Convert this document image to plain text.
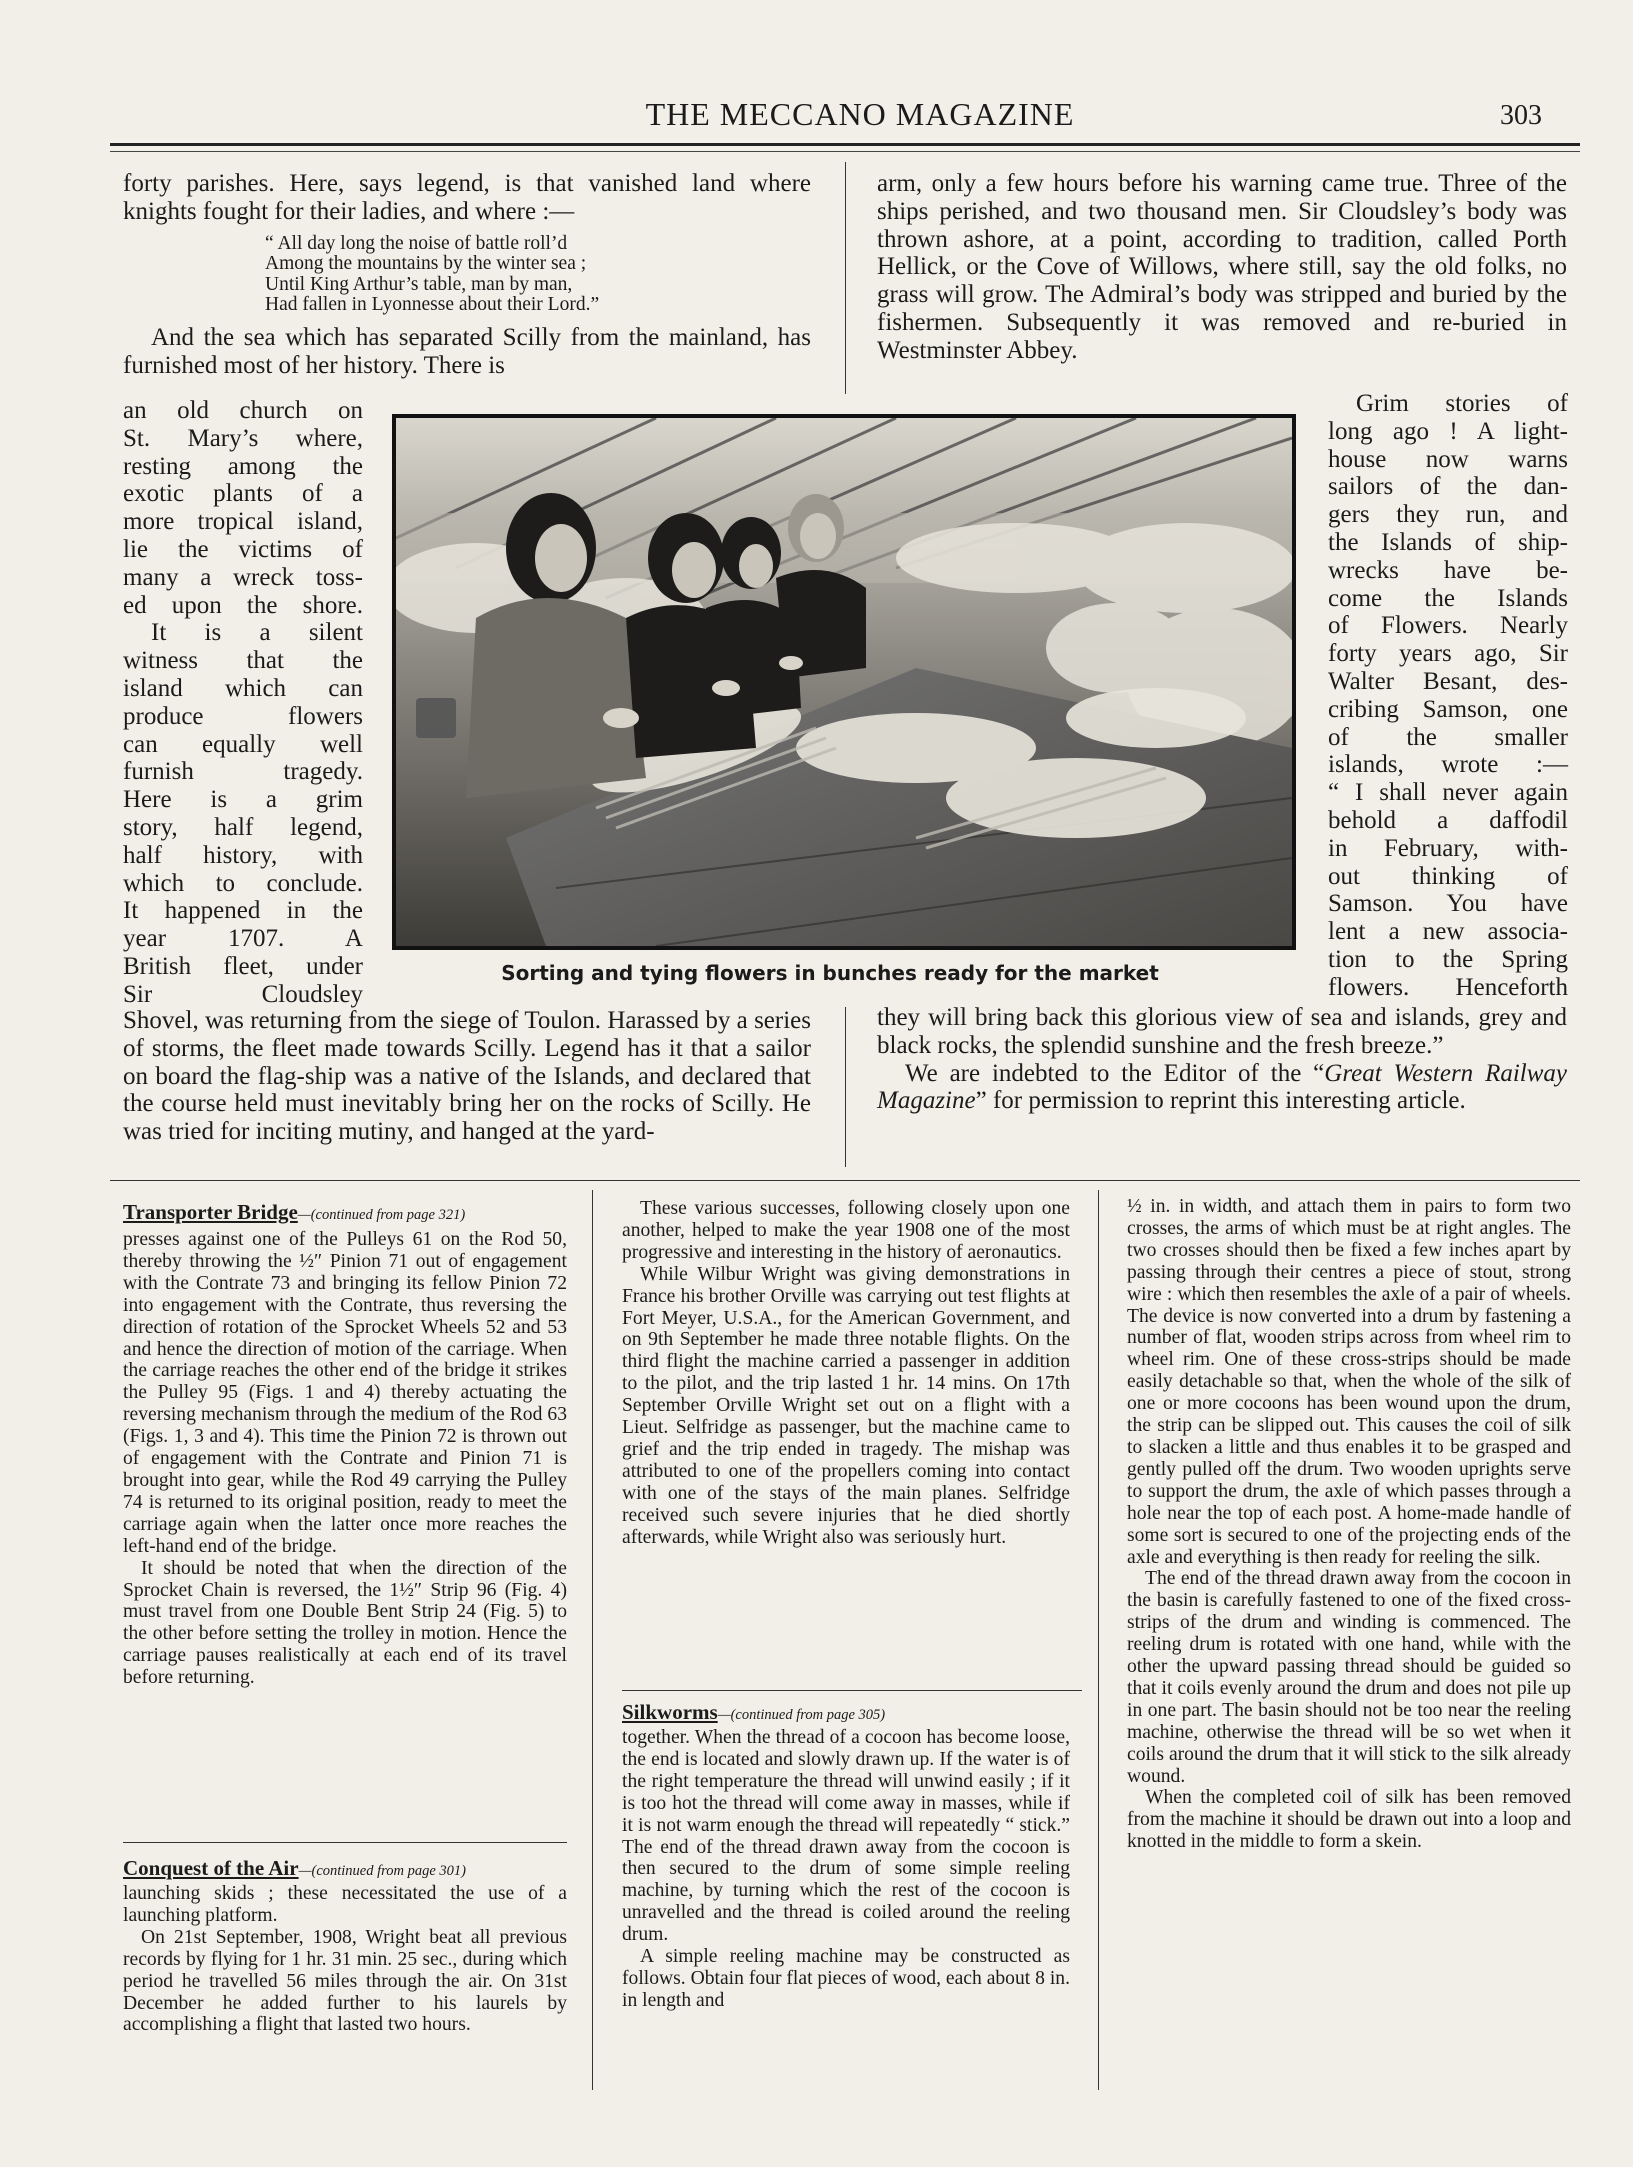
THE MECCANO MAGAZINE	303

forty parishes. Here, says legend, is that vanished land where knights fought for their ladies, and where :—

“ All day long the noise of battle roll’d
Among the mountains by the winter sea ;
Until King Arthur’s table, man by man,
Had fallen in Lyonnesse about their Lord.”

And the sea which has separated Scilly from the mainland, has furnished most of her history. There is

arm, only a few hours before his warning came true. Three of the ships perished, and two thousand men. Sir Cloudsley’s body was thrown ashore, at a point, according to tradition, called Porth Hellick, or the Cove of Willows, where still, say the old folks, no grass will grow. The Admiral’s body was stripped and buried by the fishermen. Subsequently it was removed and re-buried in Westminster Abbey.

an old church on
St. Mary’s where,
resting among the
exotic plants of a
more tropical island,
lie the victims of
many a wreck toss-
ed upon the shore.
It is a silent
witness that the
island which can
produce flowers
can equally well
furnish tragedy.
Here is a grim
story, half legend,
half history, with
which to conclude.
It happened in the
year 1707. A
British fleet, under
Sir Cloudsley
Grim stories of
long ago ! A light-
house now warns
sailors of the dan-
gers they run, and
the Islands of ship-
wrecks have be-
come the Islands
of Flowers. Nearly
forty years ago, Sir
Walter Besant, des-
cribing Samson, one
of the smaller
islands, wrote :—
“ I shall never again
behold a daffodil
in February, with-
out thinking of
Samson. You have
lent a new associa-
tion to the Spring
flowers. Henceforth
Sorting and tying flowers in bunches ready for the market

Shovel, was returning from the siege of Toulon. Harassed by a series of storms, the fleet made towards Scilly. Legend has it that a sailor on board the flag-ship was a native of the Islands, and declared that the course held must inevitably bring her on the rocks of Scilly. He was tried for inciting mutiny, and hanged at the yard-

they will bring back this glorious view of sea and islands, grey and black rocks, the splendid sunshine and the fresh breeze.”

We are indebted to the Editor of the “Great Western Railway Magazine” for permission to reprint this interesting article.

Transporter Bridge—(continued from page 321)

presses against one of the Pulleys 61 on the Rod 50, thereby throwing the ½″ Pinion 71 out of engagement with the Contrate 73 and bringing its fellow Pinion 72 into engagement with the Contrate, thus reversing the direction of rotation of the Sprocket Wheels 52 and 53 and hence the direction of motion of the carriage. When the carriage reaches the other end of the bridge it strikes the Pulley 95 (Figs. 1 and 4) thereby actuating the reversing mechanism through the medium of the Rod 63 (Figs. 1, 3 and 4). This time the Pinion 72 is thrown out of engagement with the Contrate and Pinion 71 is brought into gear, while the Rod 49 carrying the Pulley 74 is returned to its original position, ready to meet the carriage again when the latter once more reaches the left-hand end of the bridge.

It should be noted that when the direction of the Sprocket Chain is reversed, the 1½″ Strip 96 (Fig. 4) must travel from one Double Bent Strip 24 (Fig. 5) to the other before setting the trolley in motion. Hence the carriage pauses realistically at each end of its travel before returning.

Conquest of the Air—(continued from page 301)

launching skids ; these necessitated the use of a launching platform.

On 21st September, 1908, Wright beat all previous records by flying for 1 hr. 31 min. 25 sec., during which period he travelled 56 miles through the air. On 31st December he added further to his laurels by accomplishing a flight that lasted two hours.

These various successes, following closely upon one another, helped to make the year 1908 one of the most progressive and interesting in the history of aeronautics.

While Wilbur Wright was giving demonstrations in France his brother Orville was carrying out test flights at Fort Meyer, U.S.A., for the American Government, and on 9th September he made three notable flights. On the third flight the machine carried a passenger in addition to the pilot, and the trip lasted 1 hr. 14 mins. On 17th September Orville Wright set out on a flight with a Lieut. Selfridge as passenger, but the machine came to grief and the trip ended in tragedy. The mishap was attributed to one of the propellers coming into contact with one of the stays of the main planes. Selfridge received such severe injuries that he died shortly afterwards, while Wright also was seriously hurt.

Silkworms—(continued from page 305)

together. When the thread of a cocoon has become loose, the end is located and slowly drawn up. If the water is of the right temperature the thread will unwind easily ; if it is too hot the thread will come away in masses, while if it is not warm enough the thread will repeatedly “ stick.” The end of the thread drawn away from the cocoon is then secured to the drum of some simple reeling machine, by turning which the rest of the cocoon is unravelled and the thread is coiled around the reeling drum.

A simple reeling machine may be constructed as follows. Obtain four flat pieces of wood, each about 8 in. in length and

½ in. in width, and attach them in pairs to form two crosses, the arms of which must be at right angles. The two crosses should then be fixed a few inches apart by passing through their centres a piece of stout, strong wire : which then resembles the axle of a pair of wheels. The device is now converted into a drum by fastening a number of flat, wooden strips across from wheel rim to wheel rim. One of these cross-strips should be made easily detachable so that, when the whole of the silk of one or more cocoons has been wound upon the drum, the strip can be slipped out. This causes the coil of silk to slacken a little and thus enables it to be grasped and gently pulled off the drum. Two wooden uprights serve to support the drum, the axle of which passes through a hole near the top of each post. A home-made handle of some sort is secured to one of the projecting ends of the axle and everything is then ready for reeling the silk.

The end of the thread drawn away from the cocoon in the basin is carefully fastened to one of the fixed cross-strips of the drum and winding is commenced. The reeling drum is rotated with one hand, while with the other the upward passing thread should be guided so that it coils evenly around the drum and does not pile up in one part. The basin should not be too near the reeling machine, otherwise the thread will be so wet when it coils around the drum that it will stick to the silk already wound.

When the completed coil of silk has been removed from the machine it should be drawn out into a loop and knotted in the middle to form a skein.
